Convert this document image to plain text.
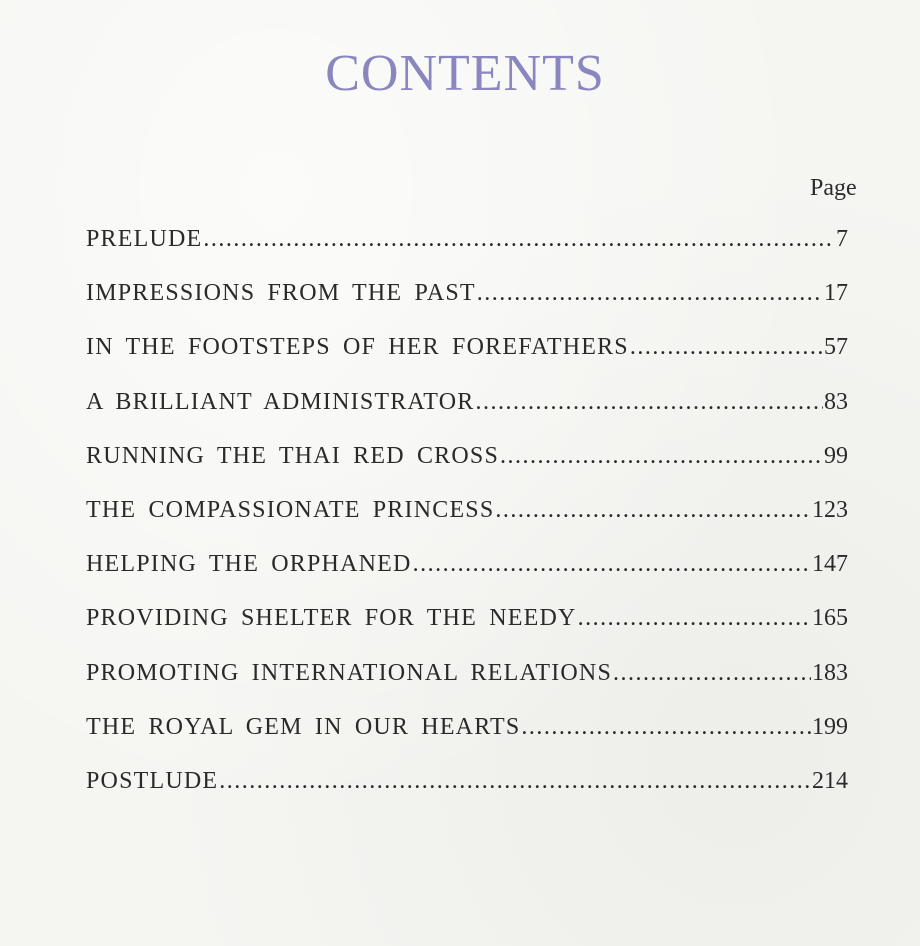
CONTENTS
Page
PRELUDE .....	7
IMPRESSIONS FROM THE PAST .....	17
IN THE FOOTSTEPS OF HER FOREFATHERS .....	57
A BRILLIANT ADMINISTRATOR .....	83
RUNNING THE THAI RED CROSS .....	99
THE COMPASSIONATE PRINCESS .....	123
HELPING THE ORPHANED .....	147
PROVIDING SHELTER FOR THE NEEDY .....	165
PROMOTING INTERNATIONAL RELATIONS .....	183
THE ROYAL GEM IN OUR HEARTS .....	199
POSTLUDE .....	214
